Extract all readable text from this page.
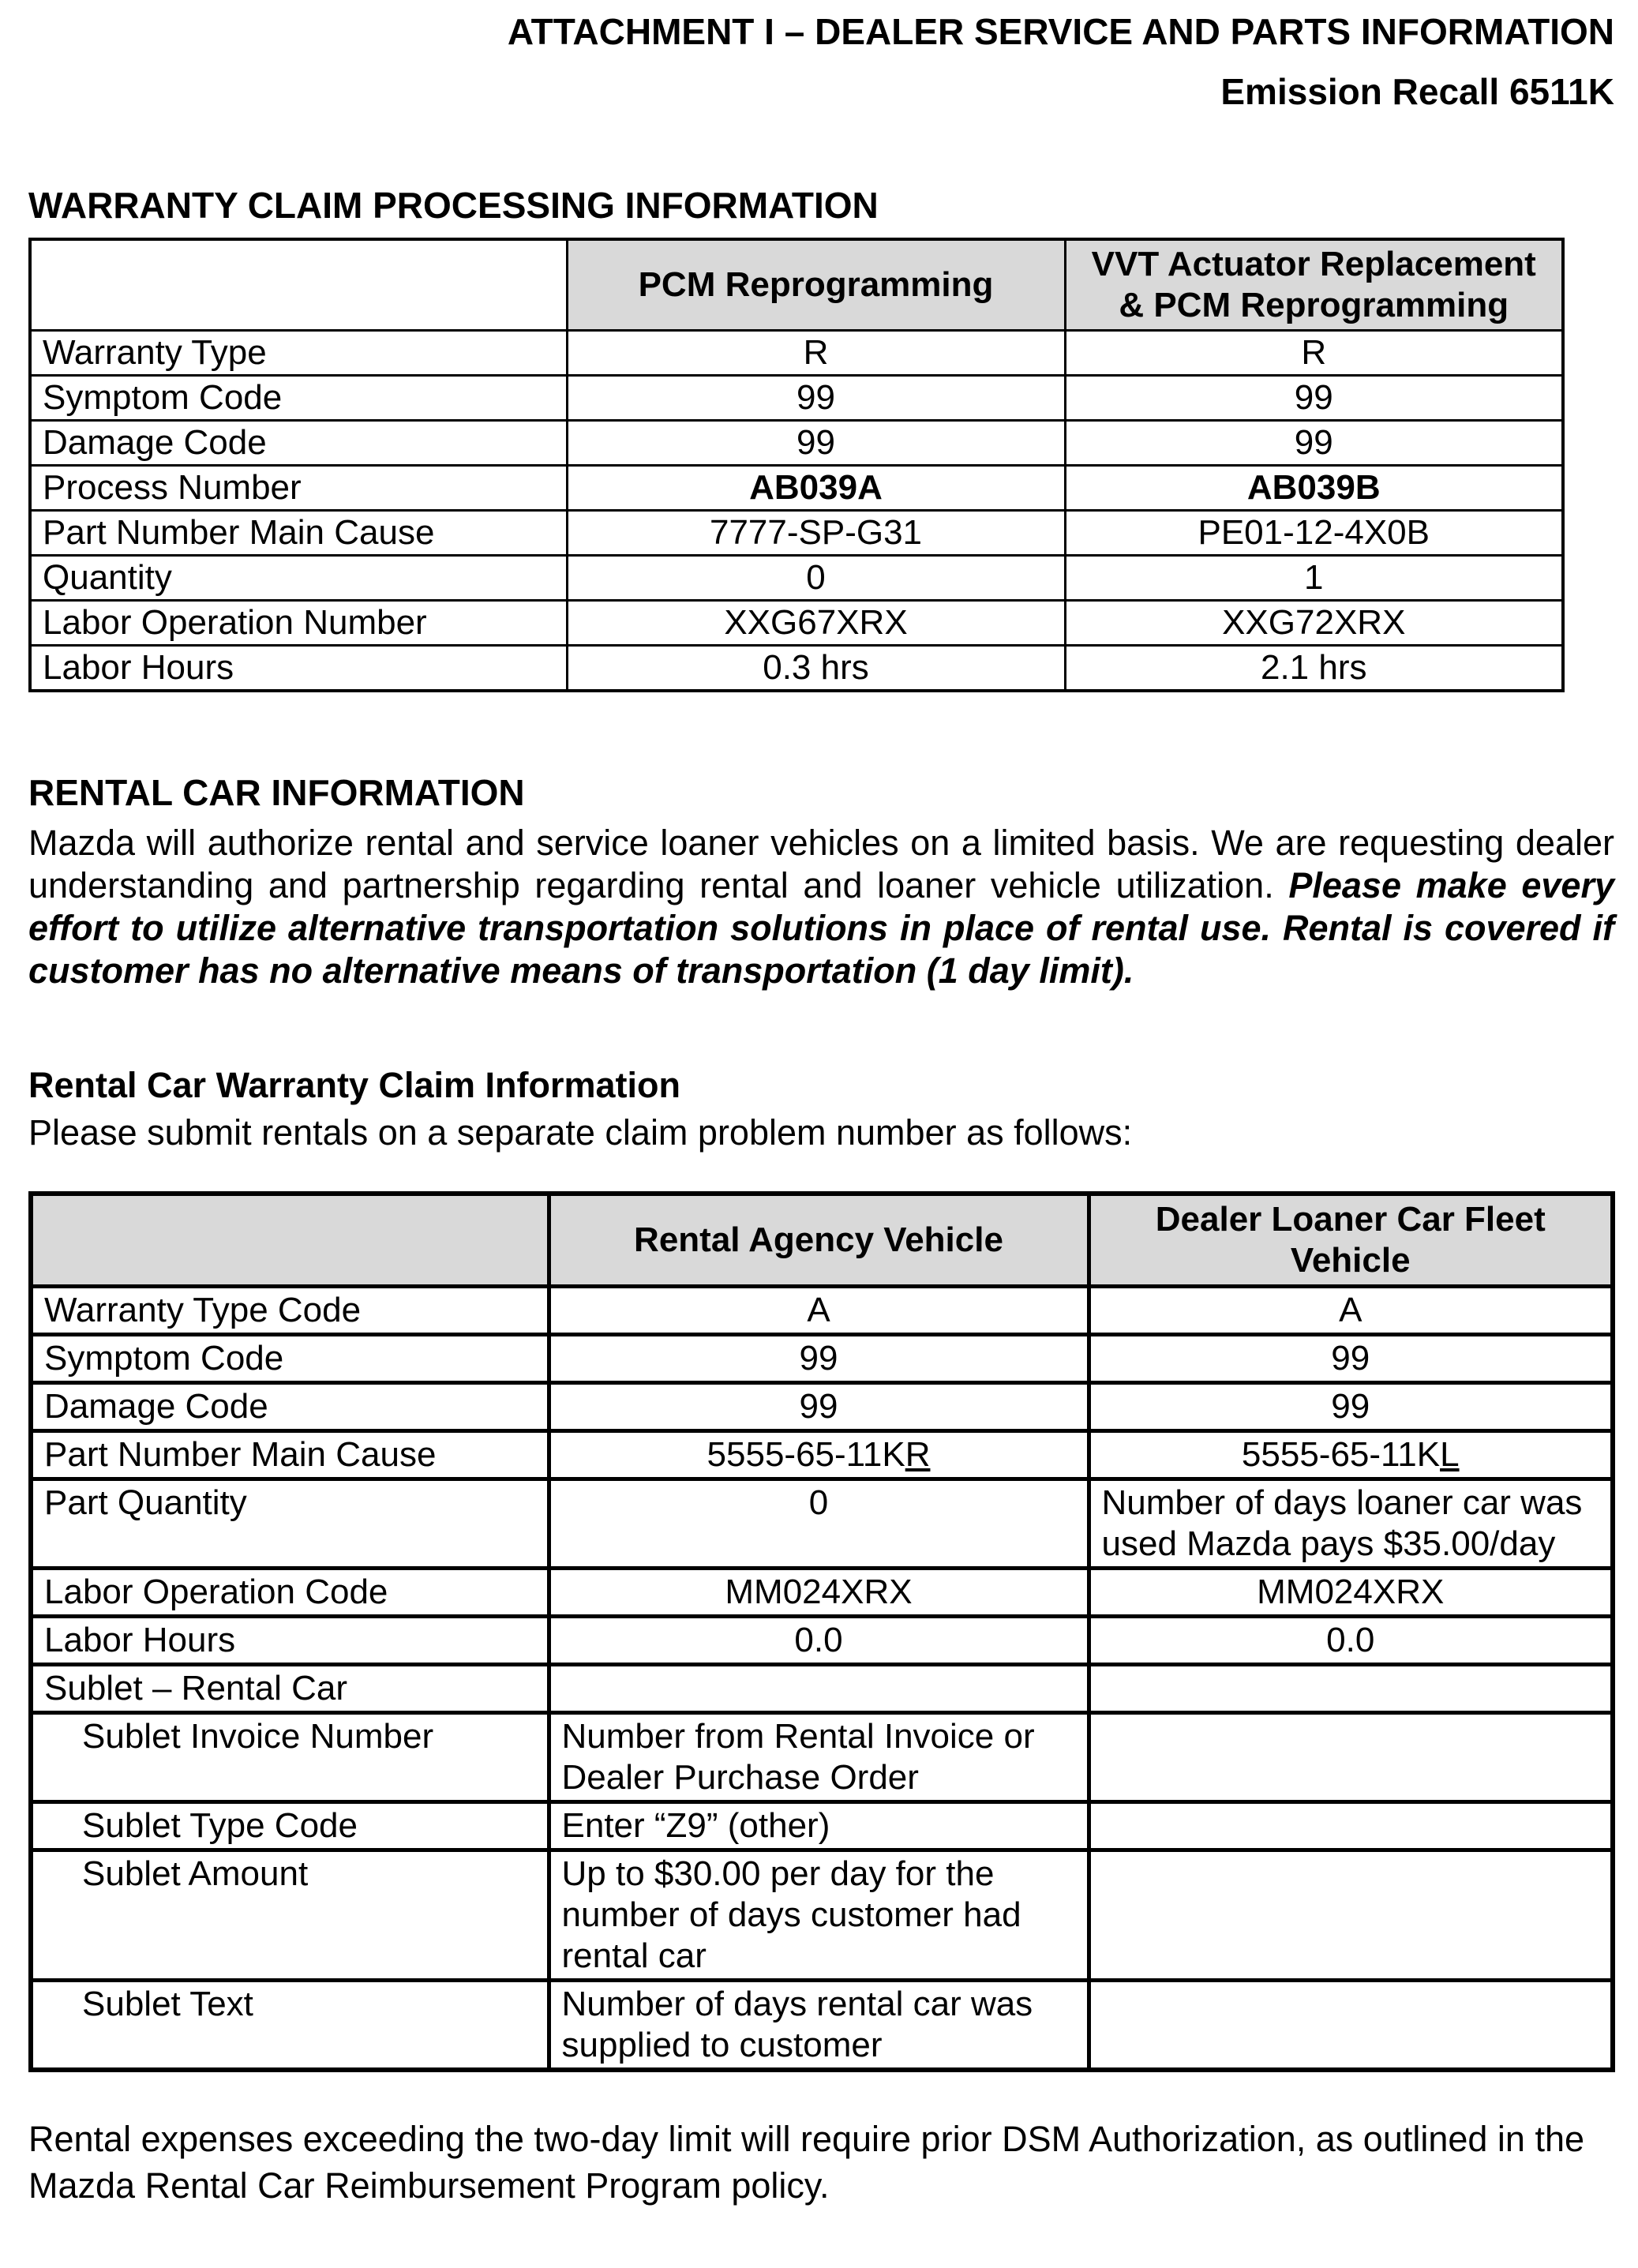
ATTACHMENT I – DEALER SERVICE AND PARTS INFORMATION
Emission Recall 6511K
WARRANTY CLAIM PROCESSING INFORMATION
	PCM Reprogramming	VVT Actuator Replacement
& PCM Reprogramming

Warranty Type	R	R
Symptom Code	99	99
Damage Code	99	99
Process Number	AB039A	AB039B
Part Number Main Cause	7777-SP-G31	PE01-12-4X0B
Quantity	0	1
Labor Operation Number	XXG67XRX	XXG72XRX
Labor Hours	0.3 hrs	2.1 hrs
RENTAL CAR INFORMATION

Mazda will authorize rental and service loaner vehicles on a limited basis. We are requesting dealer understanding and partnership regarding rental and loaner vehicle utilization. Please make every effort to utilize alternative transportation solutions in place of rental use. Rental is covered if customer has no alternative means of transportation (1 day limit).

Rental Car Warranty Claim Information

Please submit rentals on a separate claim problem number as follows:

	Rental Agency Vehicle	Dealer Loaner Car Fleet
Vehicle

Warranty Type Code	A	A
Symptom Code	99	99
Damage Code	99	99
Part Number Main Cause	5555-65-11KR	5555-65-11KL
Part Quantity	0	Number of days loaner car was
used Mazda pays $35.00/day

Labor Operation Code	MM024XRX	MM024XRX
Labor Hours	0.0	0.0
Sublet – Rental Car		
Sublet Invoice Number	Number from Rental Invoice or
Dealer Purchase Order	

Sublet Type Code	Enter “Z9” (other)	
Sublet Amount	Up to $30.00 per day for the
number of days customer had
rental car	

Sublet Text	Number of days rental car was
supplied to customer	

Rental expenses exceeding the two-day limit will require prior DSM Authorization, as outlined in the Mazda Rental Car Reimbursement Program policy.
